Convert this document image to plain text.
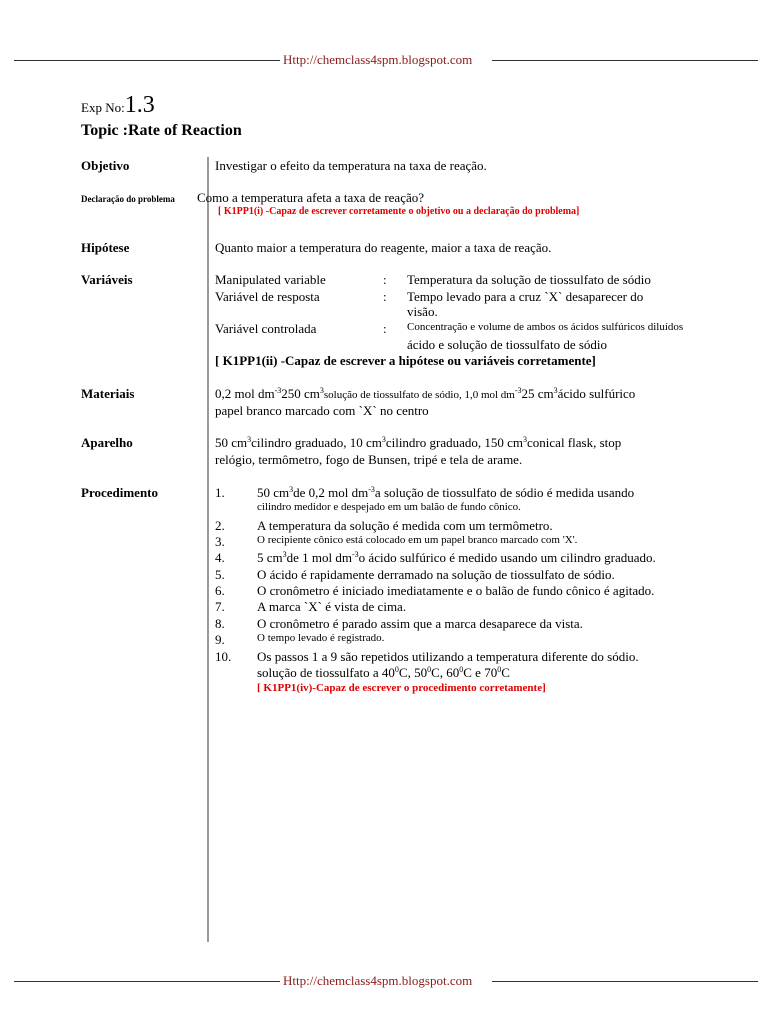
Http://chemclass4spm.blogspot.com
Exp No:1.3
Topic :Rate of Reaction
Objetivo	Investigar o efeito da temperatura na taxa de reação.
Declaração do problema Como a temperatura afeta a taxa de reação?
[ K1PP1(i) -Capaz de escrever corretamente o objetivo ou a declaração do problema]
Hipótese	Quanto maior a temperatura do reagente, maior a taxa de reação.
Variáveis	Manipulated variable	: Temperatura da solução de tiossulfato de sódio
Variável de resposta	: Tempo levado para a cruz `X` desaparecer do
visão.
Variável controlada	: Concentração e volume de ambos os ácidos sulfúricos diluídos
ácido e solução de tiossulfato de sódio
[ K1PP1(ii) -Capaz de escrever a hipótese ou variáveis corretamente]
Materiais	0,2 mol $dm^{-3}250$ $cm^3solução$ de tiossulfato de sódio, 1,0 mol $dm^{-3}25$ $cm^3ácido$ sulfúrico
papel branco marcado com `X` no centro
Aparelho	50 $cm^3cilindro$ graduado, 10 $cm^3cilindro$ graduado, 150 $cm^3conical$ flask, stop
relógio, termômetro, fogo de Bunsen, tripé e tela de arame.
Procedimento	1. 50 $cm^3de$ 0,2 mol $dm^{-3}a$ solução de tiossulfato de sódio é medida usando
cilindro medidor e despejado em um balão de fundo cônico.
2. A temperatura da solução é medida com um termômetro.
3.	O recipiente cônico está colocado em um papel branco marcado com 'X'.
4. 5 $cm^3de$ 1 mol $dm^{-3}o$ ácido sulfúrico é medido usando um cilindro graduado.
5. O ácido é rapidamente derramado na solução de tiossulfato de sódio.
6. O cronômetro é iniciado imediatamente e o balão de fundo cônico é agitado.
7. A marca `X` é vista de cima.
8. O cronômetro é parado assim que a marca desaparece da vista.
9.	O tempo levado é registrado.
10. Os passos 1 a 9 são repetidos utilizando a temperatura diferente do sódio.
solução de tiossulfato a $40^0C$, $50^0C$, $60^0C$ e $70^0C$
[ K1PP1(iv)-Capaz de escrever o procedimento corretamente]
Http://chemclass4spm.blogspot.com
